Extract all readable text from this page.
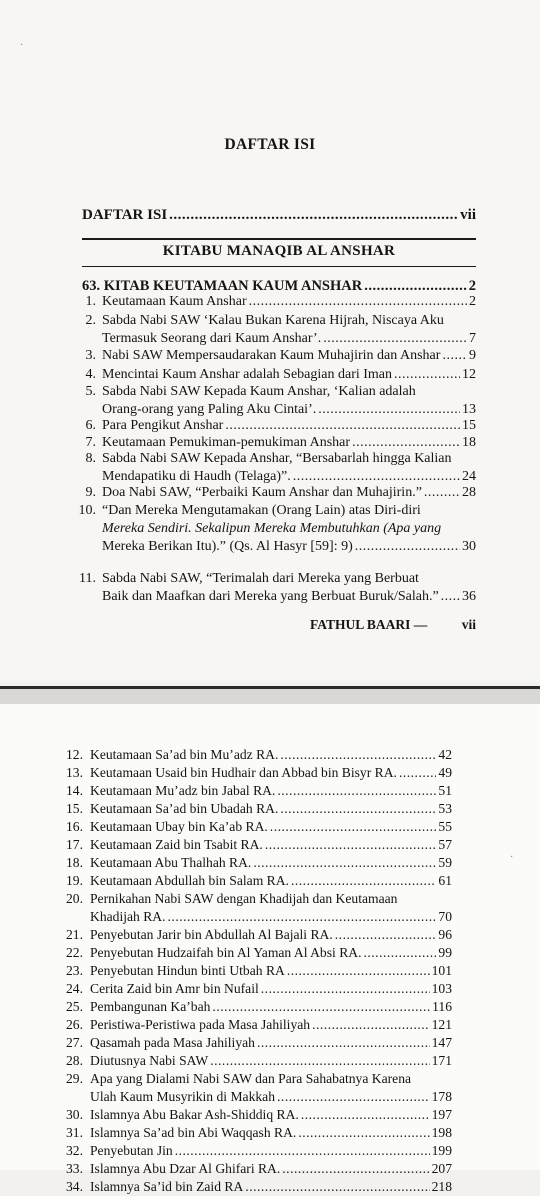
DAFTAR ISI
DAFTAR ISI .....	vii
KITABU MANAQIB AL ANSHAR
63. KITAB KEUTAMAAN KAUM ANSHAR .....	2
1. Keutamaan Kaum Anshar .....	2
2. Sabda Nabi SAW ‘Kalau Bukan Karena Hijrah, Niscaya Aku
Termasuk Seorang dari Kaum Anshar’. .....	7
3. Nabi SAW Mempersaudarakan Kaum Muhajirin dan Anshar ..... 9
4. Mencintai Kaum Anshar adalah Sebagian dari Iman .....	12
5. Sabda Nabi SAW Kepada Kaum Anshar, ‘Kalian adalah
Orang-orang yang Paling Aku Cintai’. .....	13
6. Para Pengikut Anshar .....	15
7. Keutamaan Pemukiman-pemukiman Anshar .....	18
8. Sabda Nabi SAW Kepada Anshar, “Bersabarlah hingga Kalian
Mendapatiku di Haudh (Telaga)”. .....	24
9. Doa Nabi SAW, “Perbaiki Kaum Anshar dan Muhajirin.” .....	28
10. “Dan Mereka Mengutamakan (Orang Lain) atas Diri-diri
Mereka Sendiri. Sekalipun Mereka Membutuhkan (Apa yang
Mereka Berikan Itu).” (Qs. Al Hasyr [59]: 9) .....	30
11. Sabda Nabi SAW, “Terimalah dari Mereka yang Berbuat
Baik dan Maafkan dari Mereka yang Berbuat Buruk/Salah.” ..... 36
FATHUL BAARI —	vii
·
12. Keutamaan Sa’ad bin Mu’adz RA. .....	42
13. Keutamaan Usaid bin Hudhair dan Abbad bin Bisyr RA. .....	49
14. Keutamaan Mu’adz bin Jabal RA. .....	51
15. Keutamaan Sa’ad bin Ubadah RA. .....	53
16. Keutamaan Ubay bin Ka’ab RA. .....	55
17. Keutamaan Zaid bin Tsabit RA. .....	57
18. Keutamaan Abu Thalhah RA. .....	59
19. Keutamaan Abdullah bin Salam RA. .....	61
20. Pernikahan Nabi SAW dengan Khadijah dan Keutamaan
Khadijah RA. .....	70
21. Penyebutan Jarir bin Abdullah Al Bajali RA. .....	96
22. Penyebutan Hudzaifah bin Al Yaman Al Absi RA. .....	99
23. Penyebutan Hindun binti Utbah RA .....	101
24. Cerita Zaid bin Amr bin Nufail .....	103
25. Pembangunan Ka’bah .....	116
26. Peristiwa-Peristiwa pada Masa Jahiliyah .....	121
27. Qasamah pada Masa Jahiliyah .....	147
28. Diutusnya Nabi SAW .....	171
29. Apa yang Dialami Nabi SAW dan Para Sahabatnya Karena
Ulah Kaum Musyrikin di Makkah .....	178
30. Islamnya Abu Bakar Ash-Shiddiq RA. .....	197
31. Islamnya Sa’ad bin Abi Waqqash RA. .....	198
32. Penyebutan Jin .....	199
33. Islamnya Abu Dzar Al Ghifari RA. .....	207
34. Islamnya Sa’id bin Zaid RA .....	218
·
